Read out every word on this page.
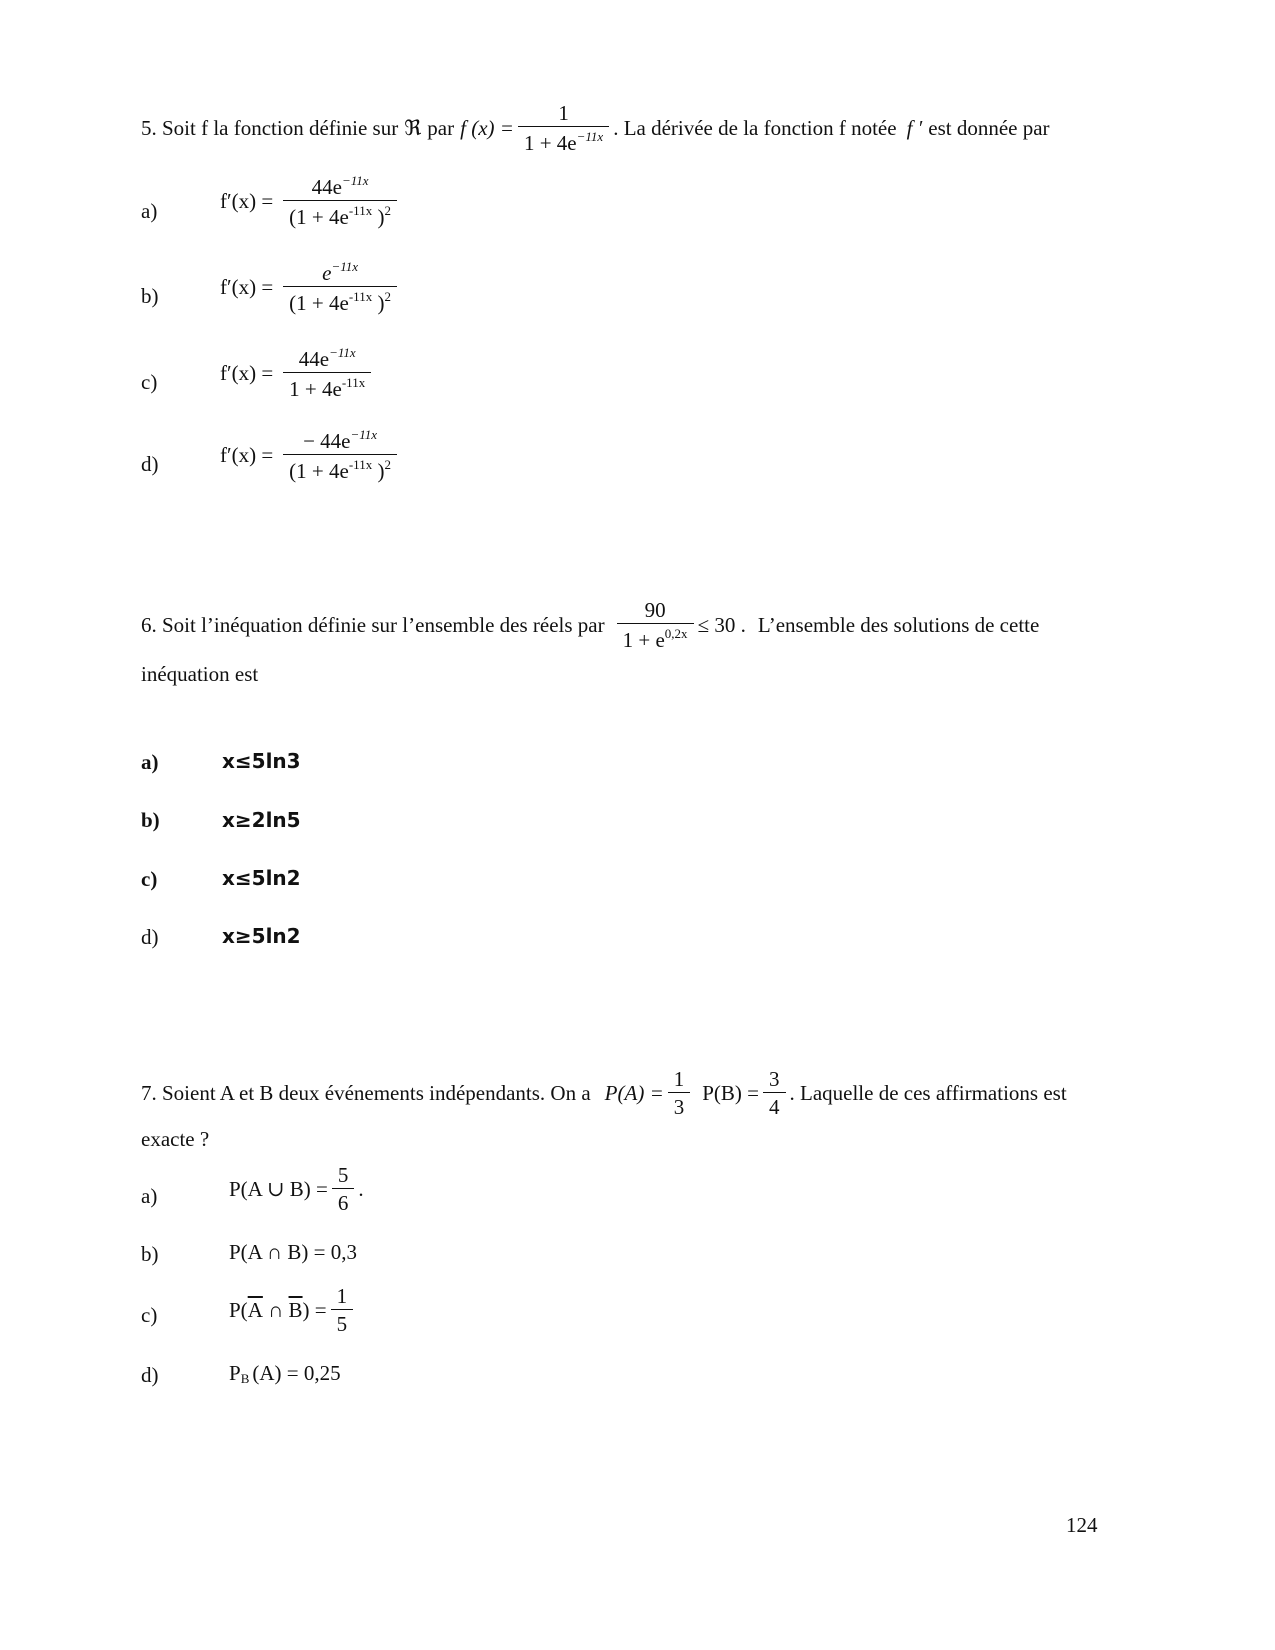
5. Soit f la fonction définie sur ℜ par f $(x) = \frac{1}{1 + 4e^{-11x}}$ . La dérivée de la fonction f notée f ′ est donnée par
a)	$f'(x) = \frac{44e^{-11x}}{(1 + 4e^{-11x} )^2}$
b)	$f'(x) = \frac{e^{-11x}}{(1 + 4e^{-11x} )^2}$
c)	$f'(x) = \frac{44e^{-11x}}{1 + 4e^{-11x}}$
d)	$f'(x) = \frac{- 44e^{-11x}}{(1 + 4e^{-11x} )^2}$
6. Soit l’inéquation définie sur l’ensemble des réels par $\frac{90}{1 + e^{0,2x}} \le 30$ . L’ensemble des solutions de cette
inéquation est
a)	x≤5ln3
b)	x≥2ln5
c)	x≤5ln2
d)	x≥5ln2
7. Soient A et B deux événements indépendants. On a $P(A) = \frac{1}{3} P(B) = \frac{3}{4}$ . Laquelle de ces affirmations est
exacte ?
a)	P(A ∪ $B) = \frac{5}{6}$ .
b)	P(A ∩ B) = 0,3
c)	P( $\overline{A}$ ∩ $\overline{B}$ ) = $\frac{1}{5}$
d)	$P_B$ (A) = 0,25
124
